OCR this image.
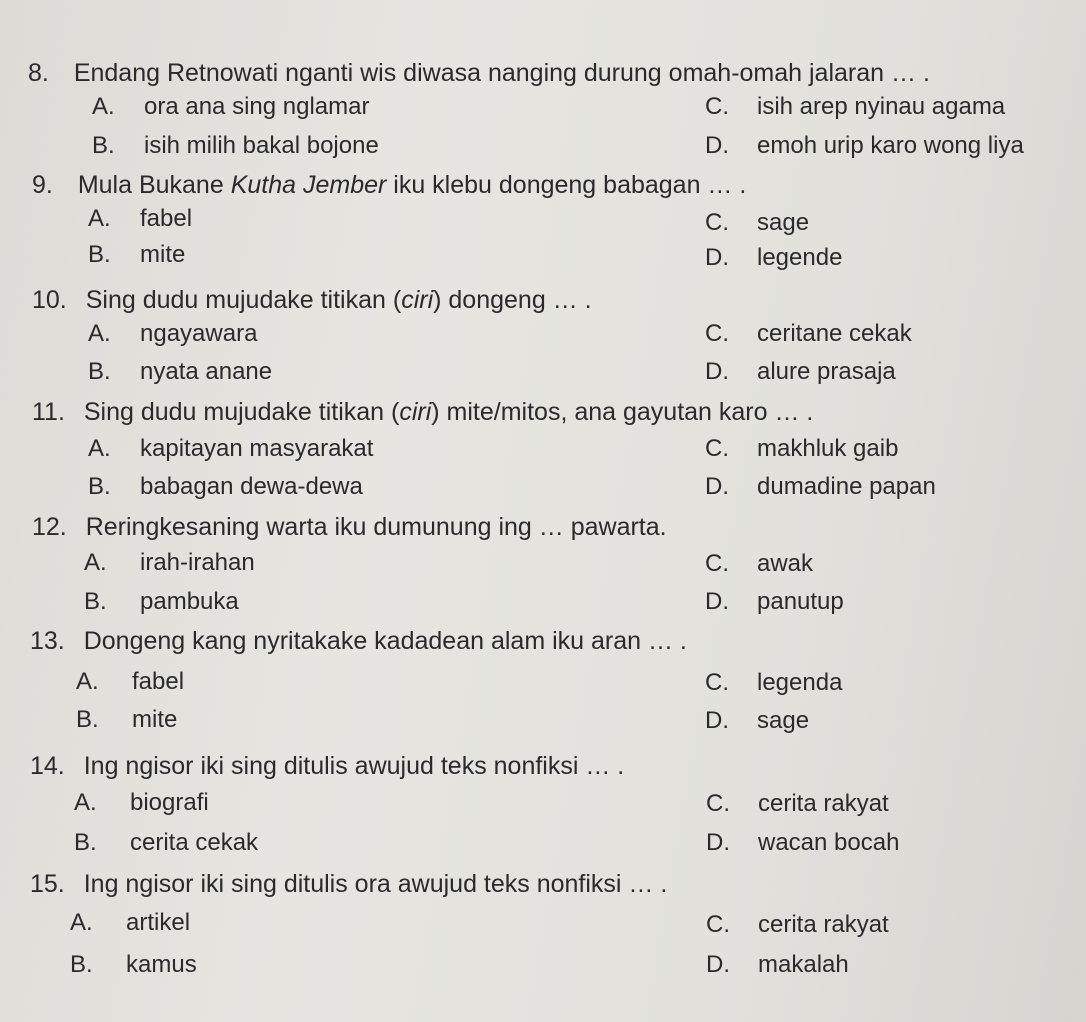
8. Endang Retnowati nganti wis diwasa nanging durung omah-omah jalaran … .
A. ora ana sing nglamar
B. isih milih bakal bojone
C. isih arep nyinau agama
D. emoh urip karo wong liya
9. Mula Bukane Kutha Jember iku klebu dongeng babagan … .
A. fabel
B. mite
C. sage
D. legende
10. Sing dudu mujudake titikan (ciri) dongeng … .
A. ngayawara
B. nyata anane
C. ceritane cekak
D. alure prasaja
11. Sing dudu mujudake titikan (ciri) mite/mitos, ana gayutan karo … .
A. kapitayan masyarakat
B. babagan dewa-dewa
C. makhluk gaib
D. dumadine papan
12. Reringkesaning warta iku dumunung ing … pawarta.
A. irah-irahan
B. pambuka
C. awak
D. panutup
13. Dongeng kang nyritakake kadadean alam iku aran … .
A. fabel
B. mite
C. legenda
D. sage
14. Ing ngisor iki sing ditulis awujud teks nonfiksi … .
A. biografi
B. cerita cekak
C. cerita rakyat
D. wacan bocah
15. Ing ngisor iki sing ditulis ora awujud teks nonfiksi … .
A. artikel
B. kamus
C. cerita rakyat
D. makalah
